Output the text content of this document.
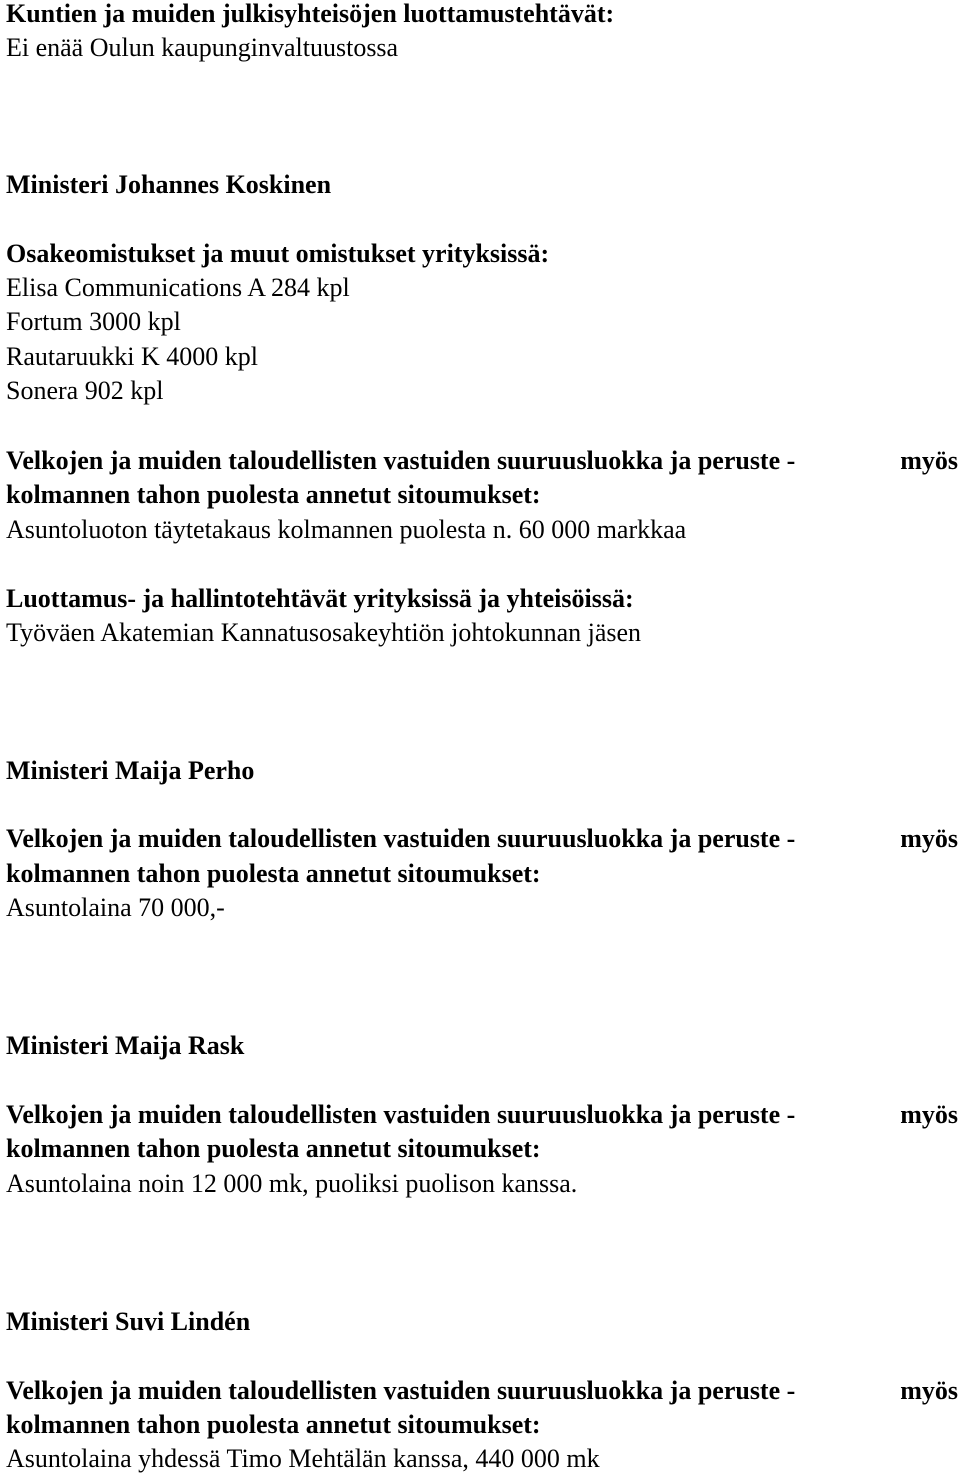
Kuntien ja muiden julkisyhteisöjen luottamustehtävät:
Ei enää Oulun kaupunginvaltuustossa
Ministeri Johannes Koskinen
Osakeomistukset ja muut omistukset yrityksissä:
Elisa Communications A 284 kpl
Fortum 3000 kpl
Rautaruukki K 4000 kpl
Sonera 902 kpl
Velkojen ja muiden taloudellisten vastuiden suuruusluokka ja peruste -	myös
kolmannen tahon puolesta annetut sitoumukset:
Asuntoluoton täytetakaus kolmannen puolesta n. 60 000 markkaa
Luottamus- ja hallintotehtävät yrityksissä ja yhteisöissä:
Työväen Akatemian Kannatusosakeyhtiön johtokunnan jäsen
Ministeri Maija Perho
Velkojen ja muiden taloudellisten vastuiden suuruusluokka ja peruste -	myös
kolmannen tahon puolesta annetut sitoumukset:
Asuntolaina 70 000,-
Ministeri Maija Rask
Velkojen ja muiden taloudellisten vastuiden suuruusluokka ja peruste -	myös
kolmannen tahon puolesta annetut sitoumukset:
Asuntolaina noin 12 000 mk, puoliksi puolison kanssa.
Ministeri Suvi Lindén
Velkojen ja muiden taloudellisten vastuiden suuruusluokka ja peruste -	myös
kolmannen tahon puolesta annetut sitoumukset:
Asuntolaina yhdessä Timo Mehtälän kanssa, 440 000 mk
